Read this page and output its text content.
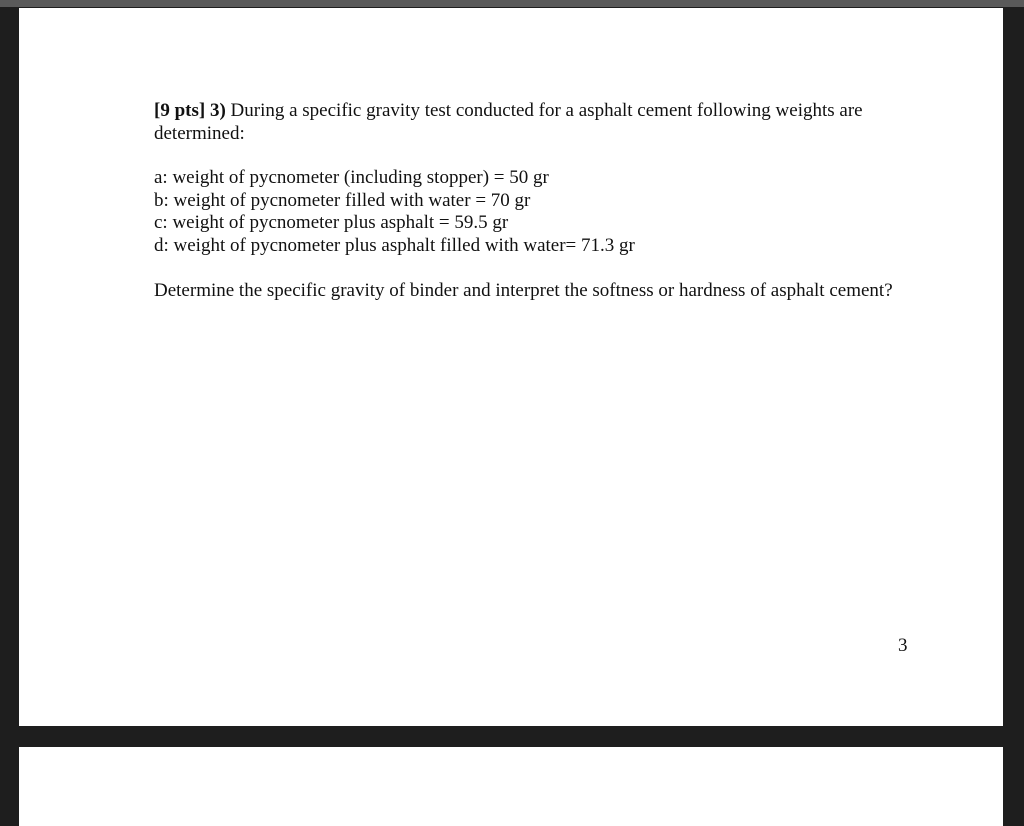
[9 pts] 3) During a specific gravity test conducted for a asphalt cement following weights are determined:

a: weight of pycnometer (including stopper) = 50 gr

b: weight of pycnometer filled with water = 70 gr

c: weight of pycnometer plus asphalt = 59.5 gr

d: weight of pycnometer plus asphalt filled with water= 71.3 gr

Determine the specific gravity of binder and interpret the softness or hardness of asphalt cement?

3
